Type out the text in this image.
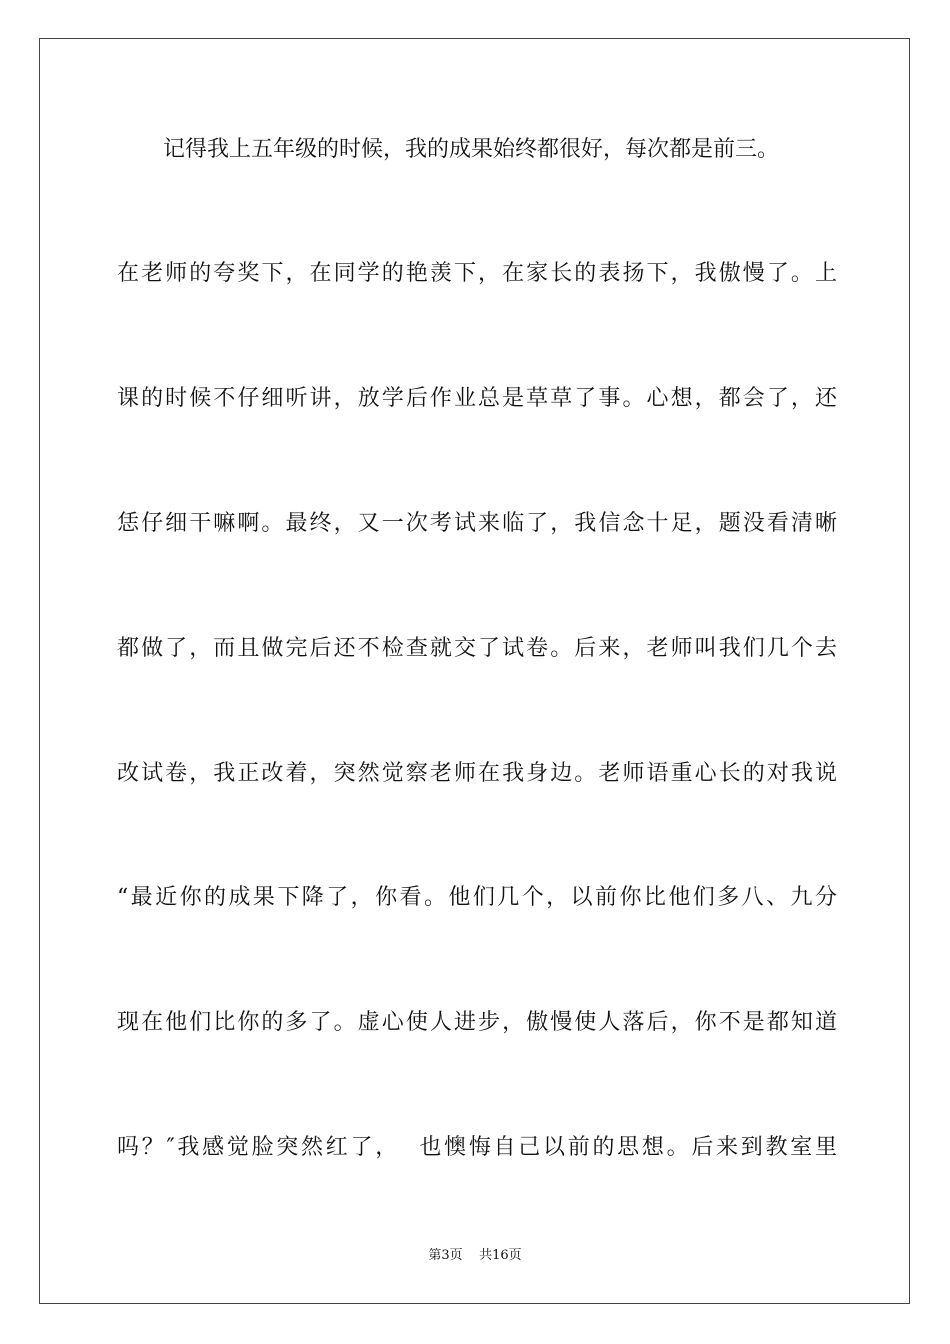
记得我上五年级的时候，我的成果始终都很好，每次都是前三。
在老师的夸奖下，在同学的艳羡下，在家长的表扬下，我傲慢了。上
课的时候不仔细听讲，放学后作业总是草草了事。心想，都会了，还
恁仔细干嘛啊。最终，又一次考试来临了，我信念十足，题没看清晰
都做了，而且做完后还不检查就交了试卷。后来，老师叫我们几个去
改试卷，我正改着，突然觉察老师在我身边。老师语重心长的对我说
“最近你的成果下降了，你看。他们几个，以前你比他们多八、九分
现在他们比你的多了。虚心使人进步，傲慢使人落后，你不是都知道
吗？″我感觉脸突然红了，  也懊悔自己以前的思想。后来到教室里
第3页    共16页
